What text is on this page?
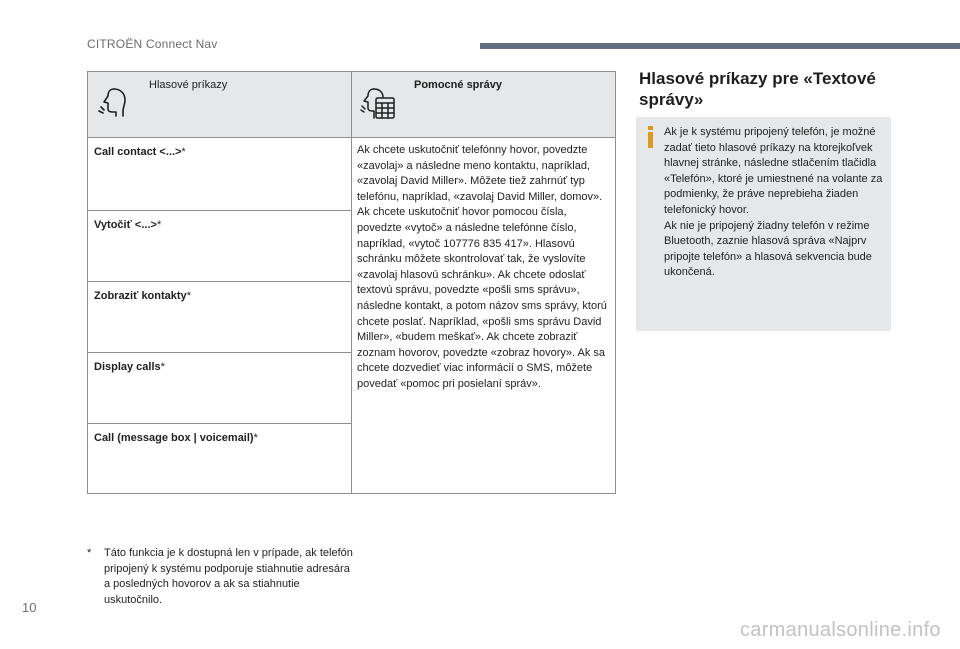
CITROËN Connect Nav
Hlasové príkazy	Pomocné správy
Call contact <...>*
Vytočiť <...>*
Zobraziť kontakty*
Display calls*
Call (message box | voicemail)*

Ak chcete uskutočniť telefónny hovor, povedzte «zavolaj» a následne meno kontaktu, napríklad, «zavolaj David Miller». Môžete tiež zahrnúť typ telefónu, napríklad, «zavolaj David Miller, domov». Ak chcete uskutočniť hovor pomocou čísla, povedzte «vytoč» a následne telefónne číslo, napríklad, «vytoč 107776 835 417». Hlasovú schránku môžete skontrolovať tak, že vyslovíte «zavolaj hlasovú schránku». Ak chcete odoslať textovú správu, povedzte «pošli sms správu», následne kontakt, a potom názov sms správy, ktorú chcete poslať. Napríklad, «pošli sms správu David Miller», «budem meškať». Ak chcete zobraziť zoznam hovorov, povedzte «zobraz hovory». Ak sa chcete dozvedieť viac informácií o SMS, môžete povedať «pomoc pri posielaní správ».

*	Táto funkcia je k dostupná len v prípade, ak telefón pripojený k systému podporuje stiahnutie adresára a posledných hovorov a ak sa stiahnutie uskutočnilo.
Hlasové príkazy pre «Textové správy»

Ak je k systému pripojený telefón, je možné zadať tieto hlasové príkazy na ktorejkoľvek hlavnej stránke, následne stlačením tlačidla «Telefón», ktoré je umiestnené na volante za podmienky, že práve neprebieha žiaden telefonický hovor.
Ak nie je pripojený žiadny telefón v režime Bluetooth, zaznie hlasová správa «Najprv pripojte telefón» a hlasová sekvencia bude ukončená.

10
carmanualsonline.info
